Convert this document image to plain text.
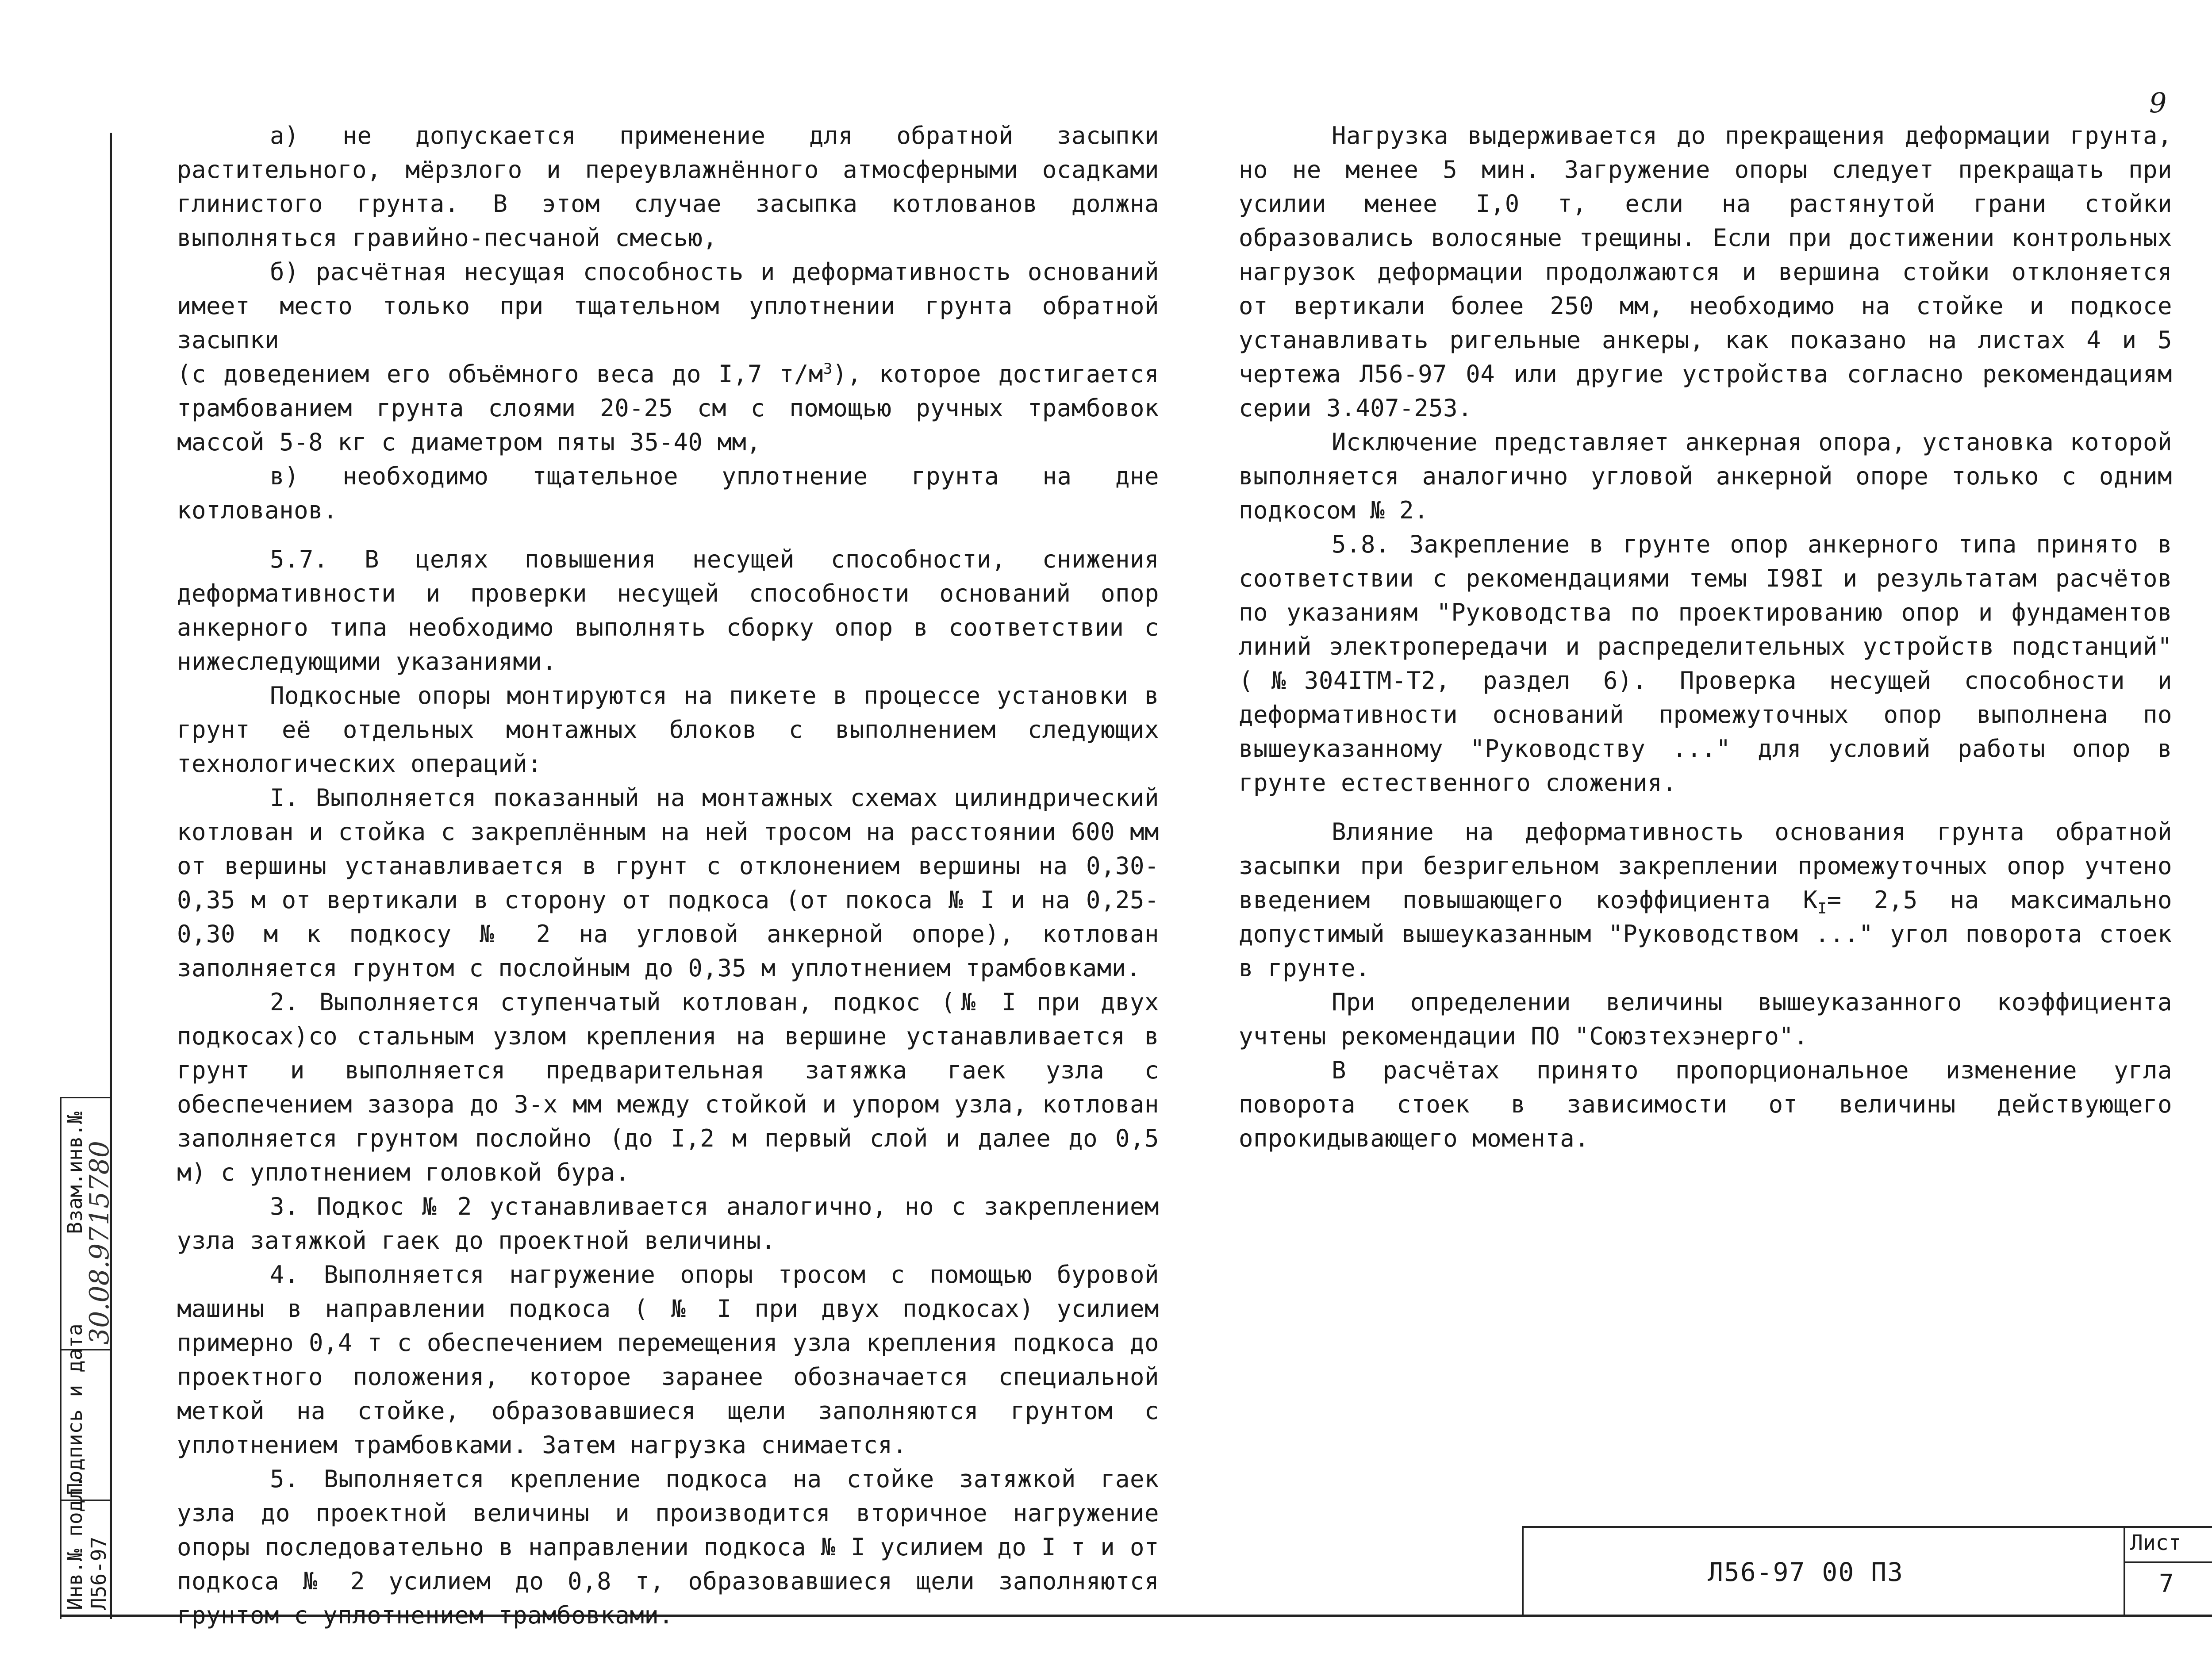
9

а) не допускается применение для обратной засыпки растительного, мёрзлого и переувлажнённого атмосферными осадками глинистого грунта. В этом случае засыпка котлованов должна выполняться гравийно-песчаной смесью,

б) расчётная несущая способность и деформативность оснований имеет место только при тщательном уплотнении грунта обратной засыпки

(с доведением его объёмного веса до I,7 $т/м^3$), которое достигается трамбованием грунта слоями 20-25 см с помощью ручных трамбовок массой 5-8 кг с диаметром пяты 35-40 мм,

в) необходимо тщательное уплотнение грунта на дне котлованов.

5.7. В целях повышения несущей способности, снижения деформативности и проверки несущей способности оснований опор анкерного типа необходимо выполнять сборку опор в соответствии с нижеследующими указаниями.

Подкосные опоры монтируются на пикете в процессе установки в грунт её отдельных монтажных блоков с выполнением следующих технологических операций:

I. Выполняется показанный на монтажных схемах цилиндрический котлован и стойка с закреплённым на ней тросом на расстоянии 600 мм от вершины устанавливается в грунт с отклонением вершины на 0,30-0,35 м от вертикали в сторону от подкоса (от покоса № I и на 0,25-0,30 м к подкосу № 2 на угловой анкерной опоре), котлован заполняется грунтом с послойным до 0,35 м уплотнением трамбовками.

2. Выполняется ступенчатый котлован, подкос (№ I при двух подкосах)со стальным узлом крепления на вершине устанавливается в грунт и выполняется предварительная затяжка гаек узла с обеспечением зазора до 3-х мм между стойкой и упором узла, котлован заполняется грунтом послойно (до I,2 м первый слой и далее до 0,5 м) с уплотнением головкой бура.

3. Подкос № 2 устанавливается аналогично, но с закреплением узла затяжкой гаек до проектной величины.

4. Выполняется нагружение опоры тросом с помощью буровой машины в направлении подкоса ( № I при двух подкосах) усилием примерно 0,4 т с обеспечением перемещения узла крепления подкоса до проектного положения, которое заранее обозначается специальной меткой на стойке, образовавшиеся щели заполняются грунтом с уплотнением трамбовками. Затем нагрузка снимается.

5. Выполняется крепление подкоса на стойке затяжкой гаек узла до проектной величины и производится вторичное нагружение опоры последовательно в направлении подкоса № I усилием до I т и от подкоса № 2 усилием до 0,8 т, образовавшиеся щели заполняются грунтом с уплотнением трамбовками.

Нагрузка выдерживается до прекращения деформации грунта, но не менее 5 мин. Загружение опоры следует прекращать при усилии менее I,0 т, если на растянутой грани стойки образовались волосяные трещины. Если при достижении контрольных нагрузок деформации продолжаются и вершина стойки отклоняется от вертикали более 250 мм, необходимо на стойке и подкосе устанавливать ригельные анкеры, как показано на листах 4 и 5 чертежа Л56-97 04 или другие устройства согласно рекомендациям серии 3.407-253.

Исключение представляет анкерная опора, установка которой выполняется аналогично угловой анкерной опоре только с одним подкосом № 2.

5.8. Закрепление в грунте опор анкерного типа принято в соответствии с рекомендациями темы I98I и результатам расчётов по указаниям "Руководства по проектированию опор и фундаментов линий электропередачи и распределительных устройств подстанций" (№304ITM-T2, раздел 6). Проверка несущей способности и деформативности оснований промежуточных опор выполнена по вышеуказанному "Руководству ..." для условий работы опор в грунте естественного сложения.

Влияние на деформативность основания грунта обратной засыпки при безригельном закреплении промежуточных опор учтено введением повышающего коэффициента $К_I= 2,5$ на максимально допустимый вышеуказанным "Руководством ..." угол поворота стоек в грунте.

При определении величины вышеуказанного коэффициента учтены рекомендации ПО "Союзтехэнерго".

В расчётах принято пропорциональное изменение угла поворота стоек в зависимости от величины действующего опрокидывающего момента.

Инв.№ подл. Л56-97
Подпись и дата
30.08.97
Взам.инв.№
15780
Л56-97 00 ПЗ
Лист
7
